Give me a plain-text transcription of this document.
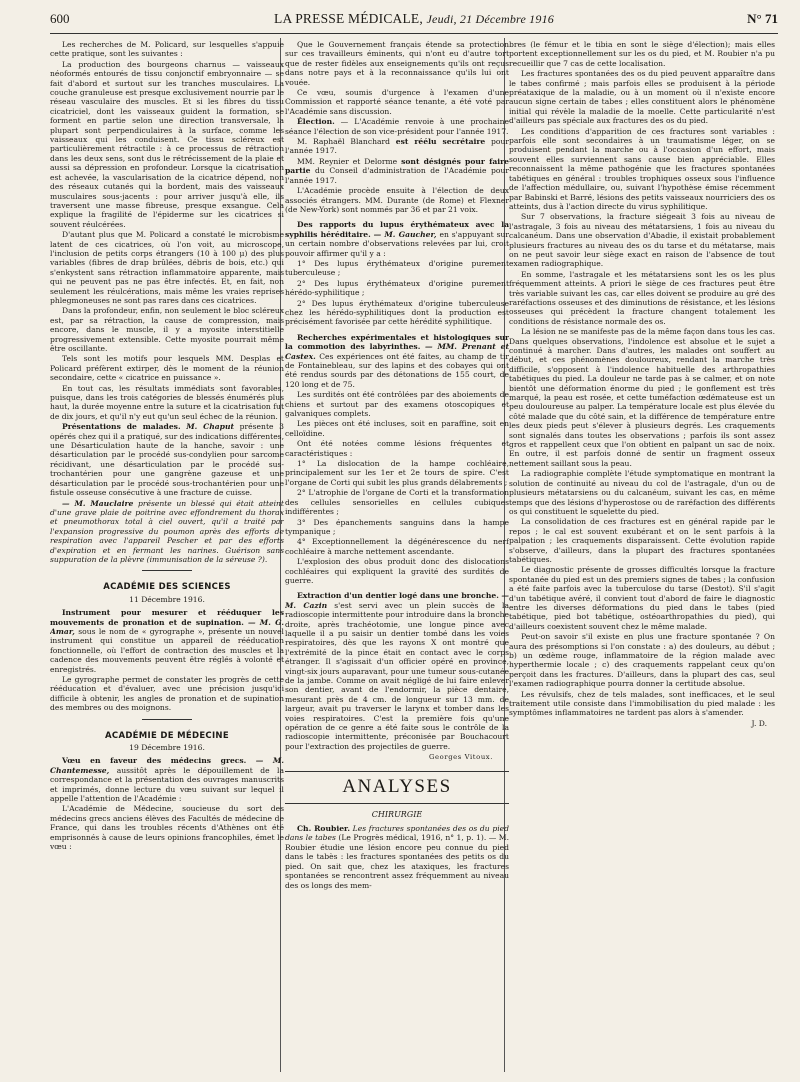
600	LA PRESSE MÉDICALE, Jeudi, 21 Décembre 1916	N° 71

Les recherches de M. Policard, sur lesquelles s'appuie cette pratique, sont les suivantes :

La production des bourgeons charnus — vaisseaux néoformés entourés de tissu conjonctif embryonnaire — se fait d'abord et surtout sur les tranches musculaires. La couche granuleuse est presque exclusivement nourrie par le réseau vasculaire des muscles. Et si les fibres du tissu cicatriciel, dont les vaisseaux guident la formation, se forment en partie selon une direction transversale, la plupart sont perpendiculaires à la surface, comme les vaisseaux qui les conduisent. Ce tissu scléreux est particulièrement rétractile : à ce processus de rétraction dans les deux sens, sont dus le rétrécissement de la plaie et aussi sa dépression en profondeur. Lorsque la cicatrisation est achevée, la vascularisation de la cicatrice dépend, non des réseaux cutanés qui la bordent, mais des vaisseaux musculaires sous-jacents : pour arriver jusqu'à elle, ils traversent une masse fibreuse, presque exsangue. Cela explique la fragilité de l'épiderme sur les cicatrices si souvent réulcérées.

D'autant plus que M. Policard a constaté le microbisme latent de ces cicatrices, où l'on voit, au microscope, l'inclusion de petits corps étrangers (10 à 100 μ) des plus variables (fibres de drap brûlées, débris de bois, etc.) qui s'enkystent sans rétraction inflammatoire apparente, mais qui ne peuvent pas ne pas être infectés. Et, en fait, non seulement les réulcérations, mais même les vraies reprises phlegmoneuses ne sont pas rares dans ces cicatrices.

Dans la profondeur, enfin, non seulement le bloc scléreux est, par sa rétraction, la cause de compression, mais encore, dans le muscle, il y a myosite interstitielle progressivement extensible. Cette myosite pourrait même être oscillante.

Tels sont les motifs pour lesquels MM. Desplas et Policard préfèrent extirper, dès le moment de la réunion secondaire, cette « cicatrice en puissance ».

En tout cas, les résultats immédiats sont favorables, puisque, dans les trois catégories de blessés énumérés plus haut, la durée moyenne entre la suture et la cicatrisation fut de dix jours, et qu'il n'y eut qu'un seul échec de la réunion.

Présentations de malades. M. Chaput présente 3 opérés chez qui il a pratiqué, sur des indications différentes, une Désarticulation haute de la hanche, savoir : une désarticulation par le procédé sus-condylien pour sarcome récidivant, une désarticulation par le procédé sus-trochantérien pour une gangrène gazeuse et une désarticulation par le procédé sous-trochantérien pour une fistule osseuse consécutive à une fracture de cuisse.

— M. Mauclaire présente un blessé qui était atteint d'une grave plaie de poitrine avec effondrement du thorax et pneumothorax total à ciel ouvert, qu'il a traité par l'expansion progressive du poumon après des efforts de respiration avec l'appareil Pescher et par des efforts d'expiration et en fermant les narines. Guérison sans suppuration de la plèvre (immunisation de la séreuse ?).

ACADÉMIE DES SCIENCES

11 Décembre 1916.

Instrument pour mesurer et rééduquer les mouvements de pronation et de supination. — M. G. Amar, sous le nom de « gyrographe », présente un nouvel instrument qui constitue un appareil de rééducation fonctionnelle, où l'effort de contraction des muscles et la cadence des mouvements peuvent être réglés à volonté et enregistrés.

Le gyrographe permet de constater les progrès de cette rééducation et d'évaluer, avec une précision jusqu'ici difficile à obtenir, les angles de pronation et de supination des membres ou des moignons.

ACADÉMIE DE MÉDECINE

19 Décembre 1916.

Vœu en faveur des médecins grecs. — M. Chantemesse, aussitôt après le dépouillement de la correspondance et la présentation des ouvrages manuscrits et imprimés, donne lecture du vœu suivant sur lequel il appelle l'attention de l'Académie :

L'Académie de Médecine, soucieuse du sort des médecins grecs anciens élèves des Facultés de médecine de France, qui dans les troubles récents d'Athènes ont été emprisonnés à cause de leurs opinions francophiles, émet le vœu :

Que le Gouvernement français étende sa protection sur ces travailleurs éminents, qui n'ont eu d'autre tort que de rester fidèles aux enseignements qu'ils ont reçus dans notre pays et à la reconnaissance qu'ils lui ont vouée.

Ce vœu, soumis d'urgence à l'examen d'une Commission et rapporté séance tenante, a été voté par l'Académie sans discussion.

Élection. — L'Académie renvoie à une prochaine séance l'élection de son vice-président pour l'année 1917.

M. Raphaël Blanchard est réélu secrétaire pour l'année 1917.

MM. Reynier et Delorme sont désignés pour faire partie du Conseil d'administration de l'Académie pour l'année 1917.

L'Académie procède ensuite à l'élection de deux associés étrangers. MM. Durante (de Rome) et Flexner (de New-York) sont nommés par 36 et par 21 voix.

Des rapports du lupus érythémateux avec la syphilis héréditaire. — M. Gaucher, en s'appuyant sur un certain nombre d'observations relevées par lui, croit pouvoir affirmer qu'il y a :

1° Des lupus érythémateux d'origine purement tuberculeuse ;

2° Des lupus érythémateux d'origine purement hérédo-syphilitique ;

2° Des lupus érythémateux d'origine tuberculeuse chez les hérédo-syphilitiques dont la production est précisément favorisée par cette hérédité syphilitique.

Recherches expérimentales et histologiques sur la commotion des labyrinthes. — MM. Prenant et Castex. Ces expériences ont été faites, au champ de tir de Fontainebleau, sur des lapins et des cobayes qui ont été rendus sourds par des détonations de 155 court, de 120 long et de 75.

Les surdités ont été contrôlées par des aboiements de chiens et surtout par des examens otoscopiques et galvaniques complets.

Les pièces ont été incluses, soit en paraffine, soit en celloïdine.

Ont été notées comme lésions fréquentes et caractéristiques :

1° La dislocation de la hampe cochléaire, principalement sur les 1er et 2e tours de spire. C'est l'organe de Corti qui subit les plus grands délabrements ;

2° L'atrophie de l'organe de Corti et la transformation des cellules sensorielles en cellules cubiques indifférentes ;

3° Des épanchements sanguins dans la hampe tympanique ;

4° Exceptionnellement la dégénérescence du nerf cochléaire à marche nettement ascendante.

L'explosion des obus produit donc des dislocations cochléaires qui expliquent la gravité des surdités de guerre.

Extraction d'un dentier logé dans une bronche. — M. Cazin s'est servi avec un plein succès de la radioscopie intermittente pour introduire dans la bronche droite, après trachéotomie, une longue pince avec laquelle il a pu saisir un dentier tombé dans les voies respiratoires, dès que les rayons X ont montré que l'extrémité de la pince était en contact avec le corps étranger. Il s'agissait d'un officier opéré en province, vingt-six jours auparavant, pour une tumeur sous-cutanée de la jambe. Comme on avait négligé de lui faire enlever son dentier, avant de l'endormir, la pièce dentaire, mesurant près de 4 cm. de longueur sur 13 mm. de largeur, avait pu traverser le larynx et tomber dans les voies respiratoires. C'est la première fois qu'une opération de ce genre a été faite sous le contrôle de la radioscopie intermittente, préconisée par Bouchacourt pour l'extraction des projectiles de guerre.

Georges Vitoux.

ANALYSES

CHIRURGIE

Ch. Roubier. Les fractures spontanées des os du pied dans le tabes (Le Progrès médical, 1916, n° 1, p. 1). — M. Roubier étudie une lésion encore peu connue du pied dans le tabès : les fractures spontanées des petits os du pied. On sait que, chez les ataxiques, les fractures spontanées se rencontrent assez fréquemment au niveau des os longs des mem-

bres (le fémur et le tibia en sont le siège d'élection); mais elles portent exceptionnellement sur les os du pied, et M. Roubier n'a pu recueillir que 7 cas de cette localisation.

Les fractures spontanées des os du pied peuvent apparaître dans le tabes confirmé ; mais parfois elles se produisent à la période préataxique de la maladie, ou à un moment où il n'existe encore aucun signe certain de tabes ; elles constituent alors le phénomène initial qui révèle la maladie de la moelle. Cette particularité n'est d'ailleurs pas spéciale aux fractures des os du pied.

Les conditions d'apparition de ces fractures sont variables : parfois elle sont secondaires à un traumatisme léger, on se produisent pendant la marche ou à l'occasion d'un effort, mais souvent elles surviennent sans cause bien appréciable. Elles reconnaissent la même pathogénie que les fractures spontanées tabétiques en général : troubles trophiques osseux sous l'influence de l'affection médullaire, ou, suivant l'hypothèse émise récemment par Babinski et Barré, lésions des petits vaisseaux nourriciers des os atteints, dus à l'action directe du virus syphilitique.

Sur 7 observations, la fracture siégeait 3 fois au niveau de l'astragale, 3 fois au niveau des métatarsiens, 1 fois au niveau du calcanéum. Dans une observation d'Abadie, il existait probablement plusieurs fractures au niveau des os du tarse et du métatarse, mais on ne peut savoir leur siège exact en raison de l'absence de tout examen radiographique.

En somme, l'astragale et les métatarsiens sont les os les plus fréquemment atteints. A priori le siège de ces fractures peut être très variable suivant les cas, car elles doivent se produire au gré des raréfactions osseuses et des diminutions de résistance, et les lésions osseuses qui précèdent la fracture changent totalement les conditions de résistance normale des os.

La lésion ne se manifeste pas de la même façon dans tous les cas. Dans quelques observations, l'indolence est absolue et le sujet a continué à marcher. Dans d'autres, les malades ont souffert au début, et ces phénomènes douloureux, rendant la marche très difficile, s'opposent à l'indolence habituelle des arthropathies tabétiques du pied. La douleur ne tarde pas à se calmer, et on note bientôt une déformation énorme du pied ; le gonflement est très marqué, la peau est rosée, et cette tuméfaction œdémateuse est un peu douloureuse au palper. La température locale est plus élevée du côté malade que du côté sain, et la différence de température entre les deux pieds peut s'élever à plusieurs degrés. Les craquements sont signalés dans toutes les observations ; parfois ils sont assez gros et rappellent ceux que l'on obtient en palpant un sac de noix. En outre, il est parfois donné de sentir un fragment osseux nettement saillant sous la peau.

La radiographie complète l'étude symptomatique en montrant la solution de continuité au niveau du col de l'astragale, d'un ou de plusieurs métatarsiens ou du calcanéum, suivant les cas, en même temps que des lésions d'hyperostose ou de raréfaction des différents os qui constituent le squelette du pied.

La consolidation de ces fractures est en général rapide par le repos ; le cal est souvent exubérant et on le sent parfois à la palpation ; les craquements disparaissent. Cette évolution rapide s'observe, d'ailleurs, dans la plupart des fractures spontanées tabétiques.

Le diagnostic présente de grosses difficultés lorsque la fracture spontanée du pied est un des premiers signes de tabes ; la confusion a été faite parfois avec la tuberculose du tarse (Destot). S'il s'agit d'un tabétique avéré, il convient tout d'abord de faire le diagnostic entre les diverses déformations du pied dans le tabes (pied tabétique, pied bot tabétique, ostéoarthropathies du pied), qui d'ailleurs coexistent souvent chez le même malade.

Peut-on savoir s'il existe en plus une fracture spontanée ? On aura des présomptions si l'on constate : a) des douleurs, au début ; b) un œdème rouge, inflammatoire de la région malade avec hyperthermie locale ; c) des craquements rappelant ceux qu'on perçoit dans les fractures. D'ailleurs, dans la plupart des cas, seul l'examen radiographique pourra donner la certitude absolue.

Les révulsifs, chez de tels malades, sont inefficaces, et le seul traitement utile consiste dans l'immobilisation du pied malade : les symptômes inflammatoires ne tardent pas alors à s'amender.

J. D.
